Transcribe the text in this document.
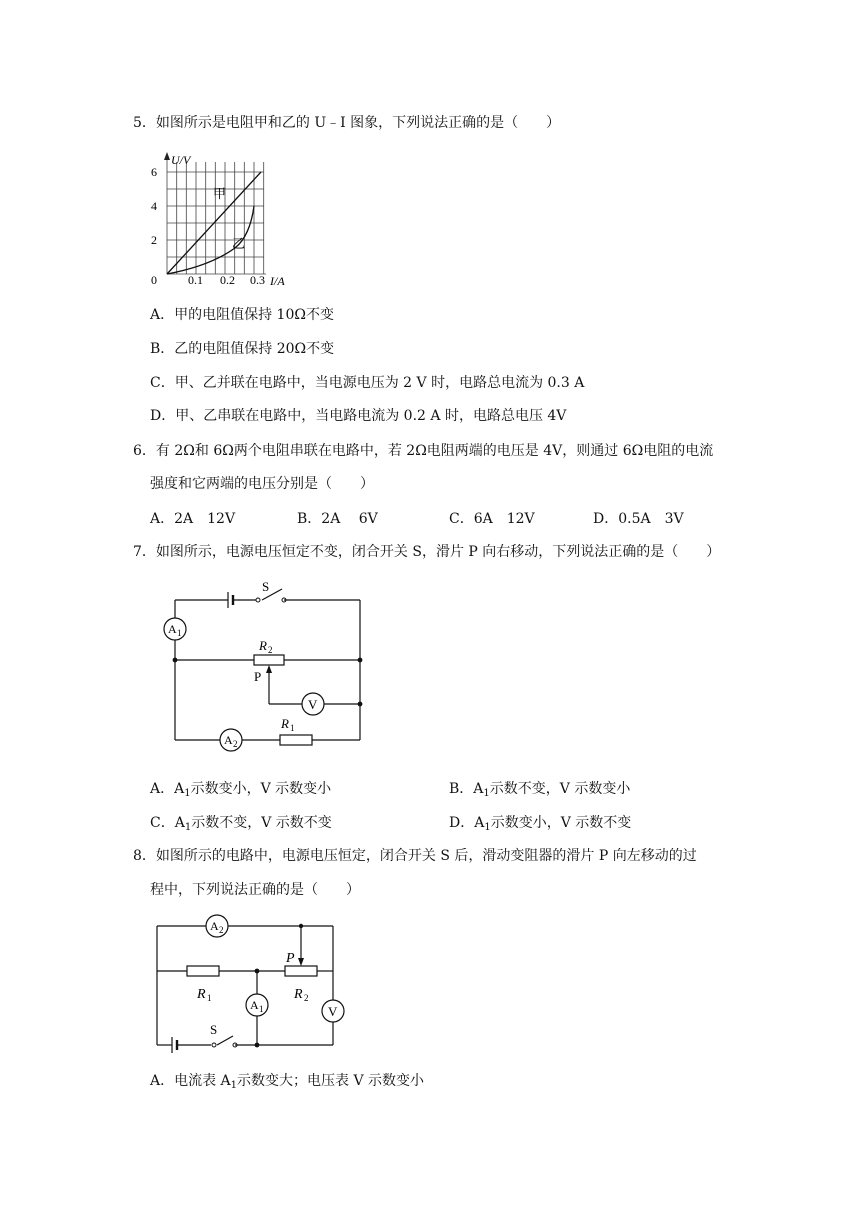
5．如图所示是电阻甲和乙的 U﹣I 图象，下列说法正确的是（　　）
U/V
I/A
6
4
2
0	0.1 0.2 0.3
甲
乙
A．甲的电阻值保持 10Ω不变
B．乙的电阻值保持 20Ω不变
C．甲、乙并联在电路中，当电源电压为 2 V 时，电路总电流为 0.3 A
D．甲、乙串联在电路中，当电路电流为 0.2 A 时，电路总电压 4V
6．有 2Ω和 6Ω两个电阻串联在电路中，若 2Ω电阻两端的电压是 4V，则通过 6Ω电阻的电流
强度和它两端的电压分别是（　　）
A．2A　12V	B．2A　 6V	C．6A　12V	D．0.5A　3V
7．如图所示，电源电压恒定不变，闭合开关 S，滑片 P 向右移动，下列说法正确的是（　　）
S
A 1
R 2
P
V
A 2
R 1
A．$A_1$示数变小，V 示数变小	B．$A_1$示数不变，V 示数变小
C．$A_1$示数不变，V 示数不变	D．$A_1$示数变小，V 示数不变
8．如图所示的电路中，电源电压恒定，闭合开关 S 后，滑动变阻器的滑片 P 向左移动的过
程中，下列说法正确的是（　　）
A 2
P
R 1	R 2
A 1	V
S
A．电流表 $A_1$示数变大；电压表 V 示数变小
